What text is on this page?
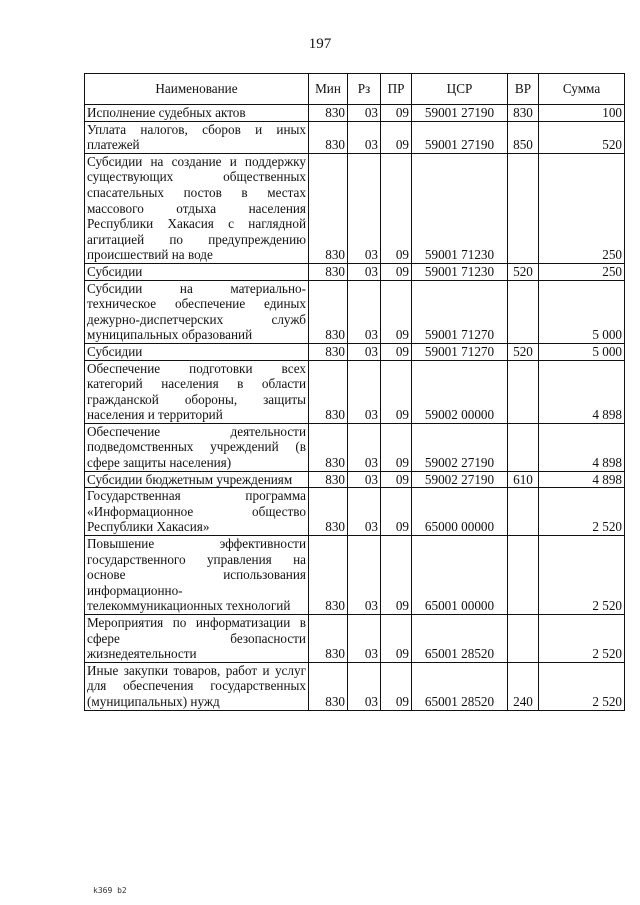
197
Наименование	Мин	Рз	ПР	ЦСР	ВР	Сумма
Исполнение судебных актов	830	03	09	59001 27190	830	100
Уплата налогов, сборов и иных платежей	830	03	09	59001 27190	850	520
Субсидии на создание и поддержку существующих общественных спасательных постов в местах массового отдыха населения Республики Хакасия с наглядной агитацией по предупреждению происшествий на воде	830	03	09	59001 71230		250
Субсидии	830	03	09	59001 71230	520	250
Субсидии на материально-техническое обеспечение единых дежурно-диспетчерских служб муниципальных образований	830	03	09	59001 71270		5 000
Субсидии	830	03	09	59001 71270	520	5 000
Обеспечение подготовки всех категорий населения в области гражданской обороны, защиты населения и территорий	830	03	09	59002 00000		4 898
Обеспечение деятельности подведомственных учреждений (в сфере защиты населения)	830	03	09	59002 27190		4 898
Субсидии бюджетным учреждениям	830	03	09	59002 27190	610	4 898
Государственная программа «Информационное общество Республики Хакасия»	830	03	09	65000 00000		2 520
Повышение эффективности государственного управления на основе использования информационно-телекоммуникационных технологий	830	03	09	65001 00000		2 520
Мероприятия по информатизации в сфере безопасности жизнедеятельности	830	03	09	65001 28520		2 520
Иные закупки товаров, работ и услуг для обеспечения государственных (муниципальных) нужд	830	03	09	65001 28520	240	2 520
k369 b2
